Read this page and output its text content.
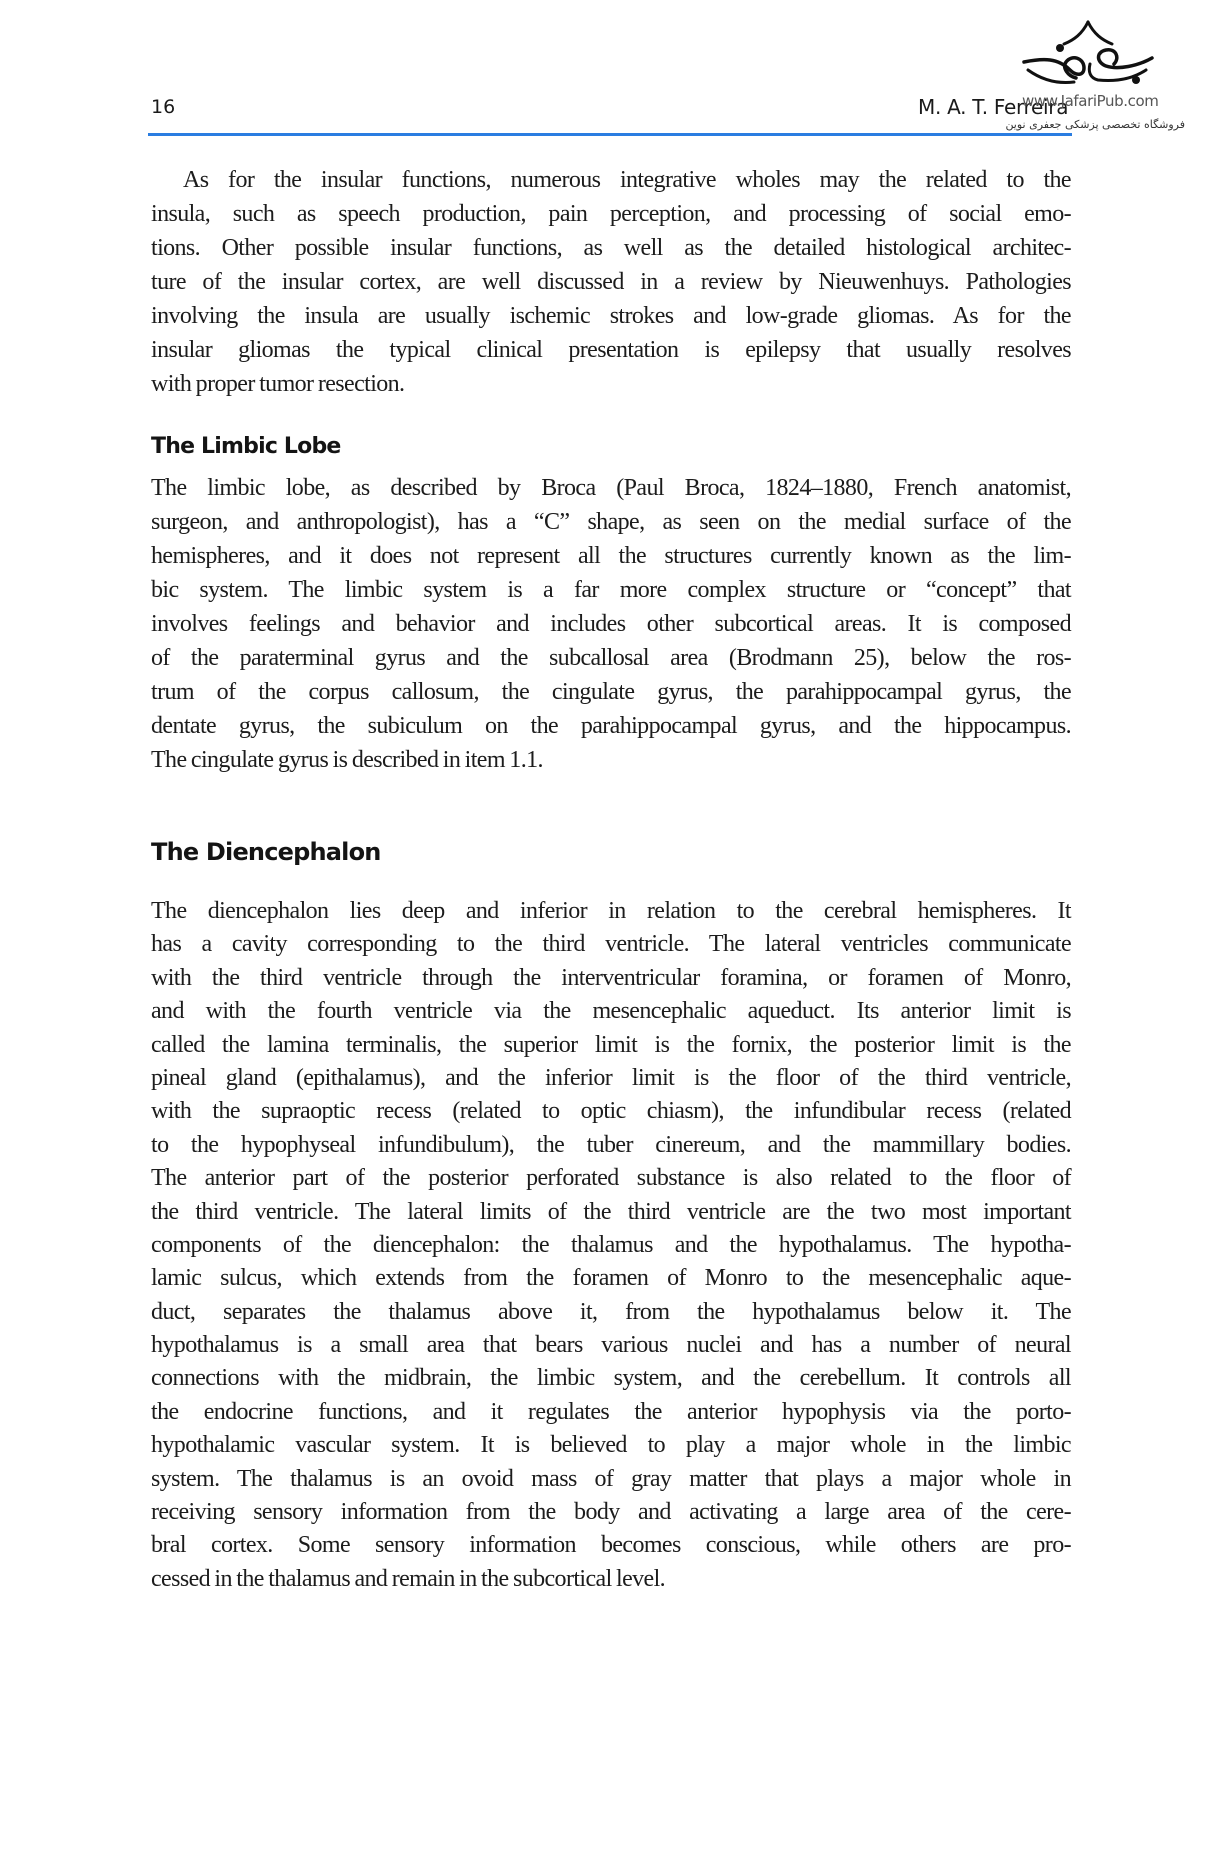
16	M. A. T. Ferreira
www.JafariPub.com
فروشگاه تخصصی پزشکی جعفری نوین
As for the insular functions, numerous integrative wholes may the related to the
insula, such as speech production, pain perception, and processing of social emo-
tions. Other possible insular functions, as well as the detailed histological architec-
ture of the insular cortex, are well discussed in a review by Nieuwenhuys. Pathologies
involving the insula are usually ischemic strokes and low-grade gliomas. As for the
insular gliomas the typical clinical presentation is epilepsy that usually resolves
with proper tumor resection.
The Limbic Lobe
The limbic lobe, as described by Broca (Paul Broca, 1824–1880, French anatomist,
surgeon, and anthropologist), has a “C” shape, as seen on the medial surface of the
hemispheres, and it does not represent all the structures currently known as the lim-
bic system. The limbic system is a far more complex structure or “concept” that
involves feelings and behavior and includes other subcortical areas. It is composed
of the paraterminal gyrus and the subcallosal area (Brodmann 25), below the ros-
trum of the corpus callosum, the cingulate gyrus, the parahippocampal gyrus, the
dentate gyrus, the subiculum on the parahippocampal gyrus, and the hippocampus.
The cingulate gyrus is described in item 1.1.
The Diencephalon
The diencephalon lies deep and inferior in relation to the cerebral hemispheres. It
has a cavity corresponding to the third ventricle. The lateral ventricles communicate
with the third ventricle through the interventricular foramina, or foramen of Monro,
and with the fourth ventricle via the mesencephalic aqueduct. Its anterior limit is
called the lamina terminalis, the superior limit is the fornix, the posterior limit is the
pineal gland (epithalamus), and the inferior limit is the floor of the third ventricle,
with the supraoptic recess (related to optic chiasm), the infundibular recess (related
to the hypophyseal infundibulum), the tuber cinereum, and the mammillary bodies.
The anterior part of the posterior perforated substance is also related to the floor of
the third ventricle. The lateral limits of the third ventricle are the two most important
components of the diencephalon: the thalamus and the hypothalamus. The hypotha-
lamic sulcus, which extends from the foramen of Monro to the mesencephalic aque-
duct, separates the thalamus above it, from the hypothalamus below it. The
hypothalamus is a small area that bears various nuclei and has a number of neural
connections with the midbrain, the limbic system, and the cerebellum. It controls all
the endocrine functions, and it regulates the anterior hypophysis via the porto-
hypothalamic vascular system. It is believed to play a major whole in the limbic
system. The thalamus is an ovoid mass of gray matter that plays a major whole in
receiving sensory information from the body and activating a large area of the cere-
bral cortex. Some sensory information becomes conscious, while others are pro-
cessed in the thalamus and remain in the subcortical level.
